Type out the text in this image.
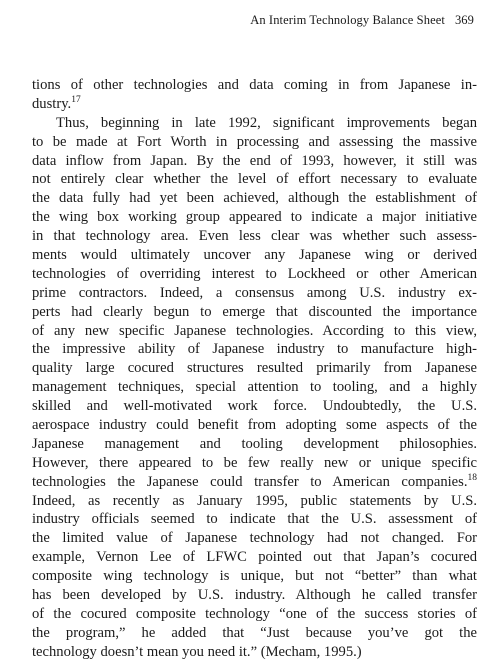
An Interim Technology Balance Sheet 369
tions of other technologies and data coming in from Japanese in-
dustry.$^{17}$
Thus, beginning in late 1992, significant improvements began
to be made at Fort Worth in processing and assessing the massive
data inflow from Japan. By the end of 1993, however, it still was
not entirely clear whether the level of effort necessary to evaluate
the data fully had yet been achieved, although the establishment of
the wing box working group appeared to indicate a major initiative
in that technology area. Even less clear was whether such assess-
ments would ultimately uncover any Japanese wing or derived
technologies of overriding interest to Lockheed or other American
prime contractors. Indeed, a consensus among U.S. industry ex-
perts had clearly begun to emerge that discounted the importance
of any new specific Japanese technologies. According to this view,
the impressive ability of Japanese industry to manufacture high-
quality large cocured structures resulted primarily from Japanese
management techniques, special attention to tooling, and a highly
skilled and well-motivated work force. Undoubtedly, the U.S.
aerospace industry could benefit from adopting some aspects of the
Japanese management and tooling development philosophies.
However, there appeared to be few really new or unique specific
technologies the Japanese could transfer to American companies.$^{18}$
Indeed, as recently as January 1995, public statements by U.S.
industry officials seemed to indicate that the U.S. assessment of
the limited value of Japanese technology had not changed. For
example, Vernon Lee of LFWC pointed out that Japan’s cocured
composite wing technology is unique, but not “better” than what
has been developed by U.S. industry. Although he called transfer
of the cocured composite technology “one of the success stories of
the program,” he added that “Just because you’ve got the
technology doesn’t mean you need it.” (Mecham, 1995.)
